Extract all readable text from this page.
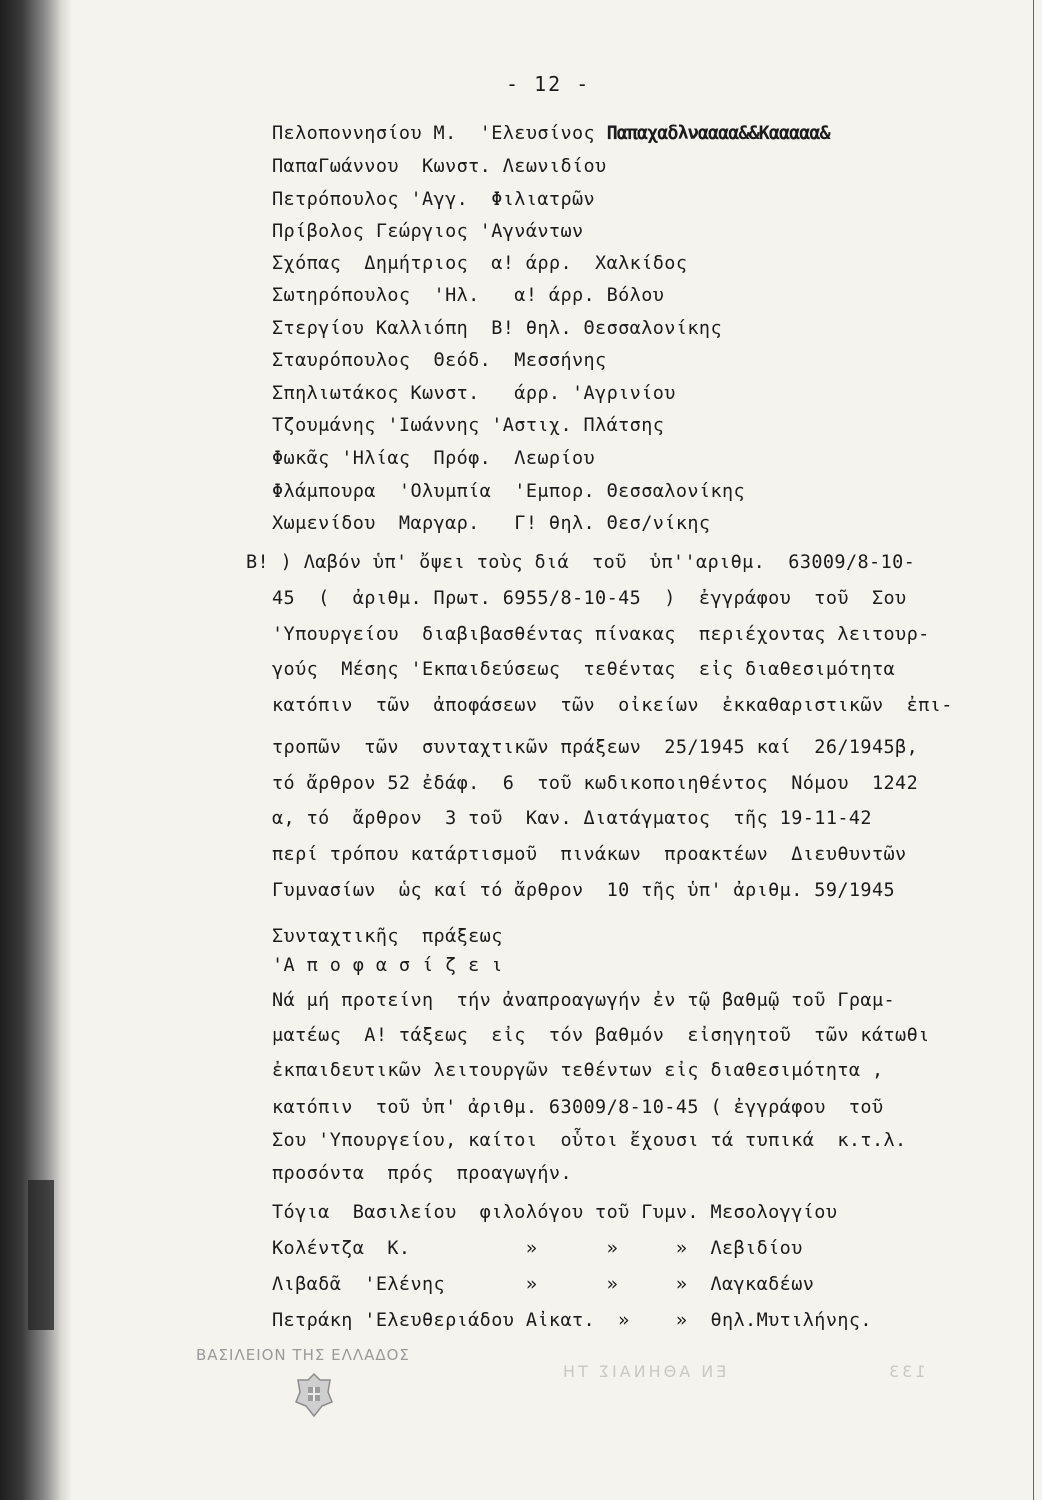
- 12 -
Πελοποννησίου Μ.  'Ελευσίνος Παπαχαδλναααα&&Κααααα&
ΠαπαΓωάννου  Κωνστ. Λεωνιδίου
Πετρόπουλος 'Αγγ.  Φιλιατρῶν
Πρίβολος Γεώργιος 'Αγνάντων
Σχόπας  Δημήτριος  α! άρρ.  Χαλκίδος
Σωτηρόπουλος  'Ηλ.   α! άρρ. Βόλου
Στεργίου Καλλιόπη  Β! θηλ. Θεσσαλονίκης
Σταυρόπουλος  Θεόδ.  Μεσσήνης
Σπηλιωτάκος Κωνστ.   άρρ. 'Αγρινίου
Τζουμάνης 'Ιωάννης 'Αστιχ. Πλάτσης
Φωκᾶς 'Ηλίας  Πρόφ.  Λεωρίου
Φλάμπουρα  'Ολυμπία  'Εμπορ. Θεσσαλονίκης
Χωμενίδου  Μαργαρ.   Γ! θηλ. Θεσ/νίκης
Β! ) Λαβόν ὑπ' ὄψει τοὺς διά  τοῦ  ὑπ''αριθμ.  63009/8-10-
45  (  ἀριθμ. Πρωτ. 6955/8-10-45  )  ἐγγράφου  τοῦ  Σου
'Υπουργείου  διαβιβασθέντας πίνακας  περιέχοντας λειτουρ-
γούς  Μέσης 'Εκπαιδεύσεως  τεθέντας  εἰς διαθεσιμότητα
κατόπιν  τῶν  ἀποφάσεων  τῶν  οἰκείων  ἐκκαθαριστικῶν  ἐπι-
τροπῶν  τῶν  συνταχτικῶν πράξεων  25/1945 καί  26/1945β,
τό ἄρθρον 52 ἐδάφ.  6  τοῦ κωδικοποιηθέντος  Νόμου  1242
α, τό  ἄρθρον  3 τοῦ  Καν. Διατάγματος  τῆς 19-11-42
περί τρόπου κατάρτισμοῦ  πινάκων  προακτέων  Διευθυντῶν
Γυμνασίων  ὡς καί τό ἄρθρον  10 τῆς ὑπ' ἀριθμ. 59/1945
Συνταχτικῆς  πράξεως
'Α π ο φ α σ ί ζ ε ι
Νά μή προτείνη  τήν ἀναπροαγωγήν ἐν τῷ βαθμῷ τοῦ Γραμ-
ματέως  Α! τάξεως  εἰς  τόν βαθμόν  εἰσηγητοῦ  τῶν κάτωθι
ἐκπαιδευτικῶν λειτουργῶν τεθέντων εἰς διαθεσιμότητα ,
κατόπιν  τοῦ ὑπ' ἀριθμ. 63009/8-10-45 ( ἐγγράφου  τοῦ
Σου 'Υπουργείου, καίτοι  οὗτοι ἔχουσι τά τυπικά  κ.τ.λ.
προσόντα  πρός  προαγωγήν.
Τόγια  Βασιλείου  φιλολόγου τοῦ Γυμν. Μεσολογγίου
Κολέντζα  Κ.          »      »     »  Λεβιδίου
Λιβαδᾶ  'Ελένης       »      »     »  Λαγκαδέων
Πετράκη 'Ελευθεριάδου Αἰκατ.  »    »  θηλ.Μυτιλήνης.
ΒΑΣΙΛΕΙΟΝ ΤΗΣ ΕΛΛΑΔΟΣ
ΕΝ ΑΘΗΝΑΙΣ ΤΗ	133
